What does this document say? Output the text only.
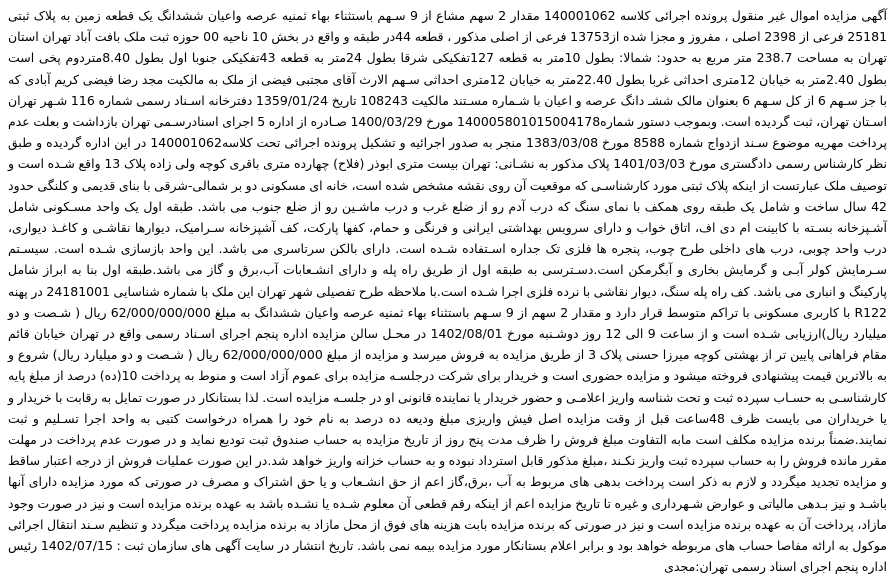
آگهی مزایده اموال غیر منقول پرونده اجرائی کلاسه 140001062 مقدار 2 سهم مشاع از 9 سـهم باستثناء بهاء ثمنیه عرصه واعیان ششدانگ یک قطعه زمین به پلاک ثبتی 25181 فرعی از 2398 اصلی ، مفروز و مجزا شده از13753 فرعی از اصلی مذکور ، قطعه 44در طبقه و واقع در بخش 10 ناحیه 00 حوزه ثبت ملک بافت آباد تهران استان تهران به مساحت 238.7 متر مربع به حدود: شمالا: بطول 10متر به قطعه 127تفکیکی شرقا بطول 24متر به قطعه 43تفکیکی جنوبا اول بطول 8.40متردوم پخی است بطول 2.40متر به خیابان 12متری احداثی غربا بطول 22.40متر به خیابان 12متری احداثی سـهم الارث آقای مجتبی فیضی از ملک به مالکیت مجد رضا فیضی کریم آبادی که با جز سـهم 6 از کل سـهم 6 بعنوان مالک ششـ دانگ عرصه و اعیان با شـماره مسـتند مالکیت 108243 تاریخ 1359/01/24 دفترخانه اسـناد رسمی شماره 116 شـهر تهران اسـتان تهران، ثبت گردیده است. وبموجب دستور شماره140005801015004178 مورخ 1400/03/29 صـادره از اداره 5 اجرای اسنادرسـمی تهران بازداشت و بعلت عدم پرداخت مهریه موضوع سـند ازدواج شماره 8588 مورخ 1383/03/08 منجر به صدور اجرائیه و تشکیل پرونده اجرائی تحت کلاسه140001062 در این اداره گردیده و طبق نظر کارشناس رسمی دادگستری مورخ 1401/03/03 پلاک مذکور به نشـانی: تهران بیست متری ابوذر (فلاح) چهارده متری باقری کوچه ولی زاده پلاک 13 واقع شـده است و توصیف ملک عبارتست از اینکه پلاک ثبتی مورد کارشناسـی که موقعیت آن روی نقشه مشخص شده است، خانه ای مسکونی دو بر شمالی-شرقی با بنای قدیمی و کلنگی حدود 42 سال ساخت و شامل یک طبقه روی همکف با نمای سنگ که درب آدم رو از ضلع غرب و درب ماشـین رو از ضلع جنوب می باشد. طبقه اول یک واحد مسـکونی شامل آشـپزخانه بسـته با کابینت ام دی اف، اتاق خواب و دارای سرویس بهداشتی ایرانی و فرنگی و حمام، کفها پارکت، کف آشپزخانه سـرامیک، دیوارها نقاشـی و کاغـذ دیواری، درب واحد چوبی، درب های داخلی طرح چوب، پنجره ها فلزی تک جداره اسـتفاده شـده است. دارای بالکن سرتاسری می باشد. این واحد بازسازی شـده است. سیسـتم سـرمایش کولر آبـی و گرمایش بخاری و آبگرمکن است.دسـترسی به طبقه اول از طریق راه پله و دارای انشـعابات آب،برق و گاز می باشد.طبقه اول بنا به ابراز شامل پارکینگ و انباری می باشد. کف راه پله سنگ، دیوار نقاشی با نرده فلزی اجرا شـده است.با ملاحظه طرح تفصیلی شهر تهران این ملک با شماره شناسایی 24181001 در پهنه R122 با کاربری مسکونی با تراکم متوسط قرار دارد و مقدار 2 سهم از 9 سـهم باستثناء بهاء ثمنیه عرصه واعیان ششدانگ به مبلغ 62/000/000/000 ریال ( شـصت و دو میلیارد ریال)ارزیابی شـده است و از ساعت 9 الی 12 روز دوشـنبه مورخ 1402/08/01 در محـل سالن مزایده اداره پنجم اجرای اسـناد رسمی واقع در تهران خیابان قائم مقام فراهانی پایین تر از بهشتی کوچه میرزا حسنی پلاک 3 از طریق مزایده به فروش میرسد و مزایده از مبلغ 62/000/000/000 ریال ( شـصت و دو میلیارد ریال) شروع و به بالاترین قیمت پیشنهادی فروخته میشود و مزایده حضوری است و خریدار برای شرکت درجلسـه مزایده برای عموم آزاد است و منوط به پرداخت 10(ده) درصد از مبلغ پایه کارشناسـی به حسـاب سپرده ثبت و تحت شناسه واریز اعلامـی و حضور خریدار یا نماینده قانونی او در جلسـه مزایده است. لذا بستانکار در صورت تمایل به رقابت با خریدار و یا خریداران می بایست ظرف 48ساعت قبل از وقت مزایده اصل فیش واریزی مبلغ ودیعه ده درصد به نام خود را همراه درخواست کتبی به واحد اجرا تسـلیم و ثبت نمایند.ضمناً برنده مزایده مکلف است مابه التفاوت مبلغ فروش را ظرف مدت پنج روز از تاریخ مزایده به حساب صندوق ثبت تودیع نماید و در صورت عدم پرداخت در مهلت مقرر مانده فروش را به حساب سپرده ثبت واریز نکـند ،مبلغ مذکور قابل استرداد نبوده و به حساب خزانه واریز خواهد شد.در این صورت عملیات فروش از درجه اعتبار ساقط و مزایده تجدید میگردد و لازم به ذکر است پرداخت بدهی های مربوط به آب ،برق،گاز اعم از حق انشـعاب و یا حق اشتراک و مصرف در صورتی که مورد مزایده دارای آنها باشـد و نیز بـدهی مالیاتی و عوارض شـهرداری و غیره تا تاریخ مزایده اعم از اینکه رقم قطعی آن معلوم شـده یا نشـده باشد به عهده برنده مزایده است و نیز در صورت وجود مازاد، پرداخت آن به عهده برنده مزایده است و نیز در صورتی که برنده مزایده بابت هزینه های فوق از محل مازاد به برنده مزایده پرداخت میگردد و تنظیم سـند انتقال اجرائی موکول به ارائه مفاصا حساب های مربوطه خواهد بود و برابر اعلام بستانکار مورد مزایده بیمه نمی باشد. تاریخ انتشار در سایت آگهی های سازمان ثبت : 1402/07/15 رئیس اداره پنجم اجرای اسناد رسمی تهران:مجدی
